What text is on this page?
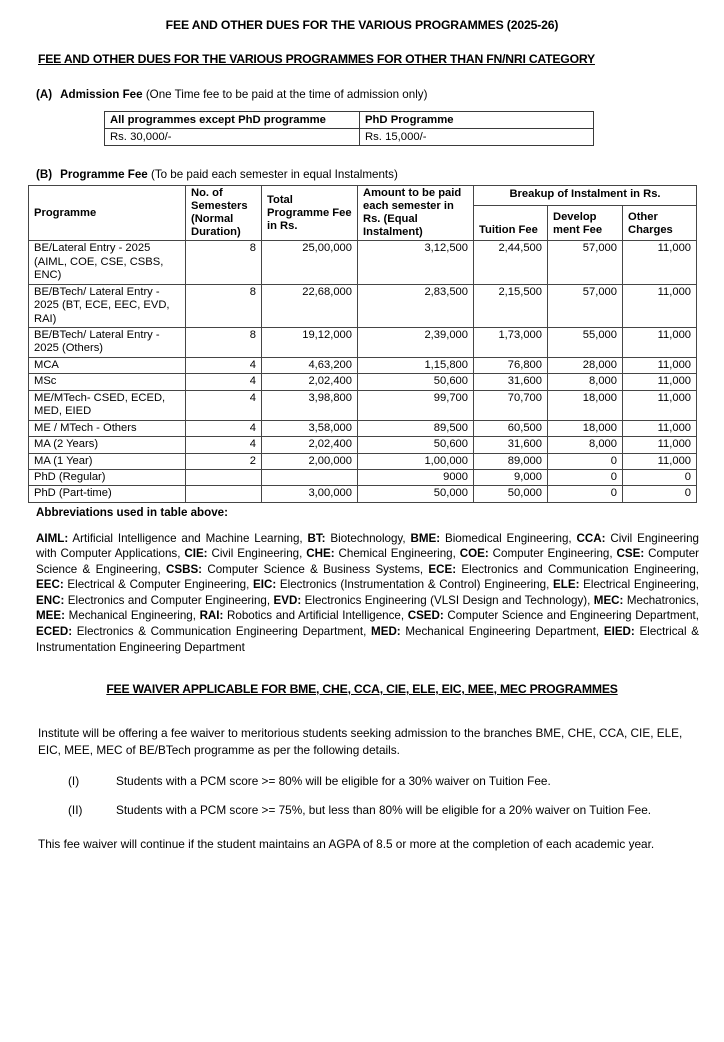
FEE AND OTHER DUES FOR THE VARIOUS PROGRAMMES (2025-26)
FEE AND OTHER DUES FOR THE VARIOUS PROGRAMMES FOR OTHER THAN FN/NRI CATEGORY
(A) Admission Fee (One Time fee to be paid at the time of admission only)
All programmes except PhD programme	PhD Programme
Rs. 30,000/-	Rs. 15,000/-
(B) Programme Fee (To be paid each semester in equal Instalments)
Programme	No. of Semesters (Normal Duration)	Total Programme Fee in Rs.	Amount to be paid each semester in Rs. (Equal Instalment)	Breakup of Instalment in Rs.		
				Tuition Fee	Develop ment Fee	Other Charges
BE/Lateral Entry - 2025 (AIML, COE, CSE, CSBS, ENC)	8	25,00,000	3,12,500	2,44,500	57,000	11,000
BE/BTech/ Lateral Entry - 2025 (BT, ECE, EEC, EVD, RAI)	8	22,68,000	2,83,500	2,15,500	57,000	11,000
BE/BTech/ Lateral Entry - 2025 (Others)	8	19,12,000	2,39,000	1,73,000	55,000	11,000
MCA	4	4,63,200	1,15,800	76,800	28,000	11,000
MSc	4	2,02,400	50,600	31,600	8,000	11,000
ME/MTech- CSED, ECED, MED, EIED	4	3,98,800	99,700	70,700	18,000	11,000
ME / MTech - Others	4	3,58,000	89,500	60,500	18,000	11,000
MA (2 Years)	4	2,02,400	50,600	31,600	8,000	11,000
MA (1 Year)	2	2,00,000	1,00,000	89,000	0	11,000
PhD (Regular)			9000	9,000	0	0
PhD (Part-time)		3,00,000	50,000	50,000	0	0
Abbreviations used in table above:
AIML: Artificial Intelligence and Machine Learning, BT: Biotechnology, BME: Biomedical Engineering, CCA: Civil Engineering with Computer Applications, CIE: Civil Engineering, CHE: Chemical Engineering, COE: Computer Engineering, CSE: Computer Science & Engineering, CSBS: Computer Science & Business Systems, ECE: Electronics and Communication Engineering, EEC: Electrical & Computer Engineering, EIC: Electronics (Instrumentation & Control) Engineering, ELE: Electrical Engineering, ENC: Electronics and Computer Engineering, EVD: Electronics Engineering (VLSI Design and Technology), MEC: Mechatronics, MEE: Mechanical Engineering, RAI: Robotics and Artificial Intelligence, CSED: Computer Science and Engineering Department, ECED: Electronics & Communication Engineering Department, MED: Mechanical Engineering Department, EIED: Electrical & Instrumentation Engineering Department
FEE WAIVER APPLICABLE FOR BME, CHE, CCA, CIE, ELE, EIC, MEE, MEC PROGRAMMES
Institute will be offering a fee waiver to meritorious students seeking admission to the branches BME, CHE, CCA, CIE, ELE, EIC, MEE, MEC of BE/BTech programme as per the following details.
(I)	Students with a PCM score >= 80% will be eligible for a 30% waiver on Tuition Fee.
(II)	Students with a PCM score >= 75%, but less than 80% will be eligible for a 20% waiver on Tuition Fee.
This fee waiver will continue if the student maintains an AGPA of 8.5 or more at the completion of each academic year.
